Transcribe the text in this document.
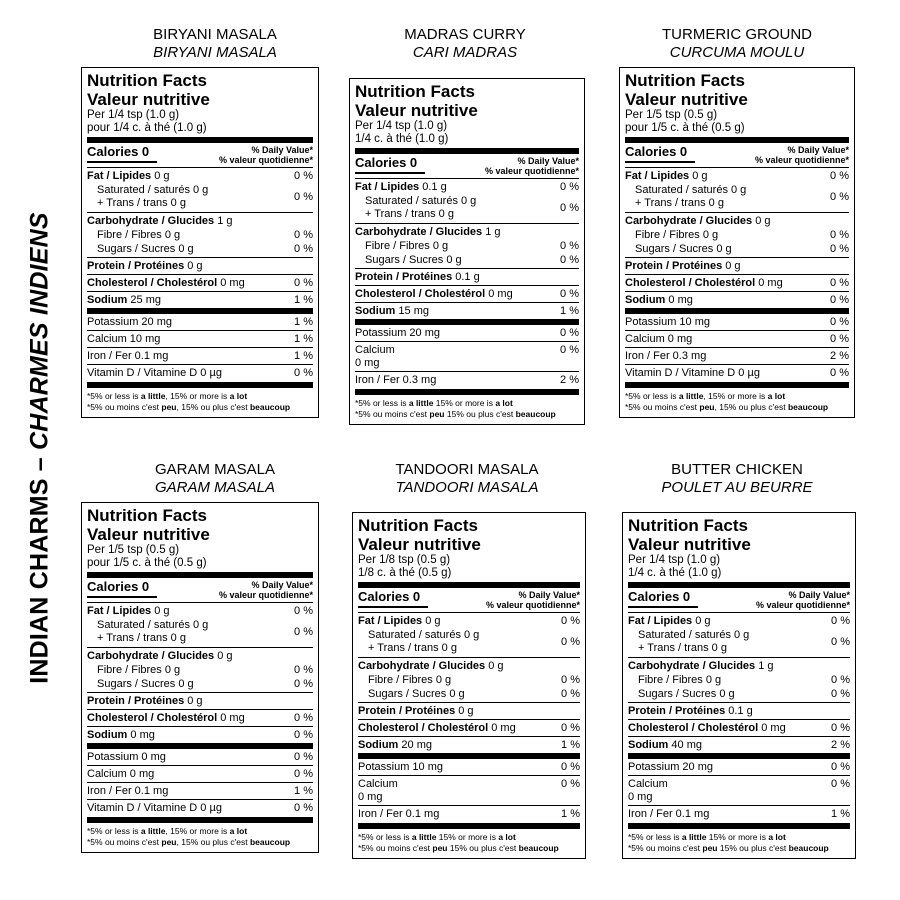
INDIAN CHARMS – CHARMES INDIENS
BIRYANI MASALA
BIRYANI MASALA
Nutrition Facts
Valeur nutritive
Per 1/4 tsp (1.0 g)
pour 1/4 c. à thé (1.0 g)
Calories 0	% Daily Value*
% valeur quotidienne*
Fat / Lipides 0 g	0 %
Saturated / saturés 0 g
+ Trans / trans 0 g
0 %
Carbohydrate / Glucides 1 g
Fibre / Fibres 0 g	0 %
Sugars / Sucres 0 g	0 %
Protein / Protéines 0 g
Cholesterol / Cholestérol 0 mg	0 %
Sodium 25 mg	1 %
Potassium 20 mg	1 %
Calcium 10 mg	1 %
Iron / Fer 0.1 mg	1 %
Vitamin D / Vitamine D 0 µg	0 %
*5% or less is a little, 15% or more is a lot
*5% ou moins c'est peu, 15% ou plus c'est beaucoup
MADRAS CURRY
CARI MADRAS
Nutrition Facts
Valeur nutritive
Per 1/4 tsp (1.0 g)
1/4 c. à thé (1.0 g)
Calories 0	% Daily Value*
% valeur quotidienne*
Fat / Lipides 0.1 g	0 %
Saturated / saturés 0 g
+ Trans / trans 0 g
0 %
Carbohydrate / Glucides 1 g
Fibre / Fibres 0 g	0 %
Sugars / Sucres 0 g	0 %
Protein / Protéines 0.1 g
Cholesterol / Cholestérol 0 mg	0 %
Sodium 15 mg	1 %
Potassium 20 mg	0 %
Calcium
0 mg
0 %
Iron / Fer 0.3 mg	2 %
*5% or less is a little 15% or more is a lot
*5% ou moins c'est peu 15% ou plus c'est beaucoup
TURMERIC GROUND
CURCUMA MOULU
Nutrition Facts
Valeur nutritive
Per 1/5 tsp (0.5 g)
pour 1/5 c. à thé (0.5 g)
Calories 0	% Daily Value*
% valeur quotidienne*
Fat / Lipides 0 g	0 %
Saturated / saturés 0 g
+ Trans / trans 0 g
0 %
Carbohydrate / Glucides 0 g
Fibre / Fibres 0 g	0 %
Sugars / Sucres 0 g	0 %
Protein / Protéines 0 g
Cholesterol / Cholestérol 0 mg	0 %
Sodium 0 mg	0 %
Potassium 10 mg	0 %
Calcium 0 mg	0 %
Iron / Fer 0.3 mg	2 %
Vitamin D / Vitamine D 0 µg	0 %
*5% or less is a little, 15% or more is a lot
*5% ou moins c'est peu, 15% ou plus c'est beaucoup
GARAM MASALA
GARAM MASALA
Nutrition Facts
Valeur nutritive
Per 1/5 tsp (0.5 g)
pour 1/5 c. à thé (0.5 g)
Calories 0	% Daily Value*
% valeur quotidienne*
Fat / Lipides 0 g	0 %
Saturated / saturés 0 g
+ Trans / trans 0 g
0 %
Carbohydrate / Glucides 0 g
Fibre / Fibres 0 g	0 %
Sugars / Sucres 0 g	0 %
Protein / Protéines 0 g
Cholesterol / Cholestérol 0 mg	0 %
Sodium 0 mg	0 %
Potassium 0 mg	0 %
Calcium 0 mg	0 %
Iron / Fer 0.1 mg	1 %
Vitamin D / Vitamine D 0 µg	0 %
*5% or less is a little, 15% or more is a lot
*5% ou moins c'est peu, 15% ou plus c'est beaucoup
TANDOORI MASALA
TANDOORI MASALA
Nutrition Facts
Valeur nutritive
Per 1/8 tsp (0.5 g)
1/8 c. à thé (0.5 g)
Calories 0	% Daily Value*
% valeur quotidienne*
Fat / Lipides 0 g	0 %
Saturated / saturés 0 g
+ Trans / trans 0 g
0 %
Carbohydrate / Glucides 0 g
Fibre / Fibres 0 g	0 %
Sugars / Sucres 0 g	0 %
Protein / Protéines 0 g
Cholesterol / Cholestérol 0 mg	0 %
Sodium 20 mg	1 %
Potassium 10 mg	0 %
Calcium
0 mg
0 %
Iron / Fer 0.1 mg	1 %
*5% or less is a little 15% or more is a lot
*5% ou moins c'est peu 15% ou plus c'est beaucoup
BUTTER CHICKEN
POULET AU BEURRE
Nutrition Facts
Valeur nutritive
Per 1/4 tsp (1.0 g)
1/4 c. à thé (1.0 g)
Calories 0	% Daily Value*
% valeur quotidienne*
Fat / Lipides 0 g	0 %
Saturated / saturés 0 g
+ Trans / trans 0 g
0 %
Carbohydrate / Glucides 1 g
Fibre / Fibres 0 g	0 %
Sugars / Sucres 0 g	0 %
Protein / Protéines 0.1 g
Cholesterol / Cholestérol 0 mg	0 %
Sodium 40 mg	2 %
Potassium 20 mg	0 %
Calcium
0 mg
0 %
Iron / Fer 0.1 mg	1 %
*5% or less is a little 15% or more is a lot
*5% ou moins c'est peu 15% ou plus c'est beaucoup
